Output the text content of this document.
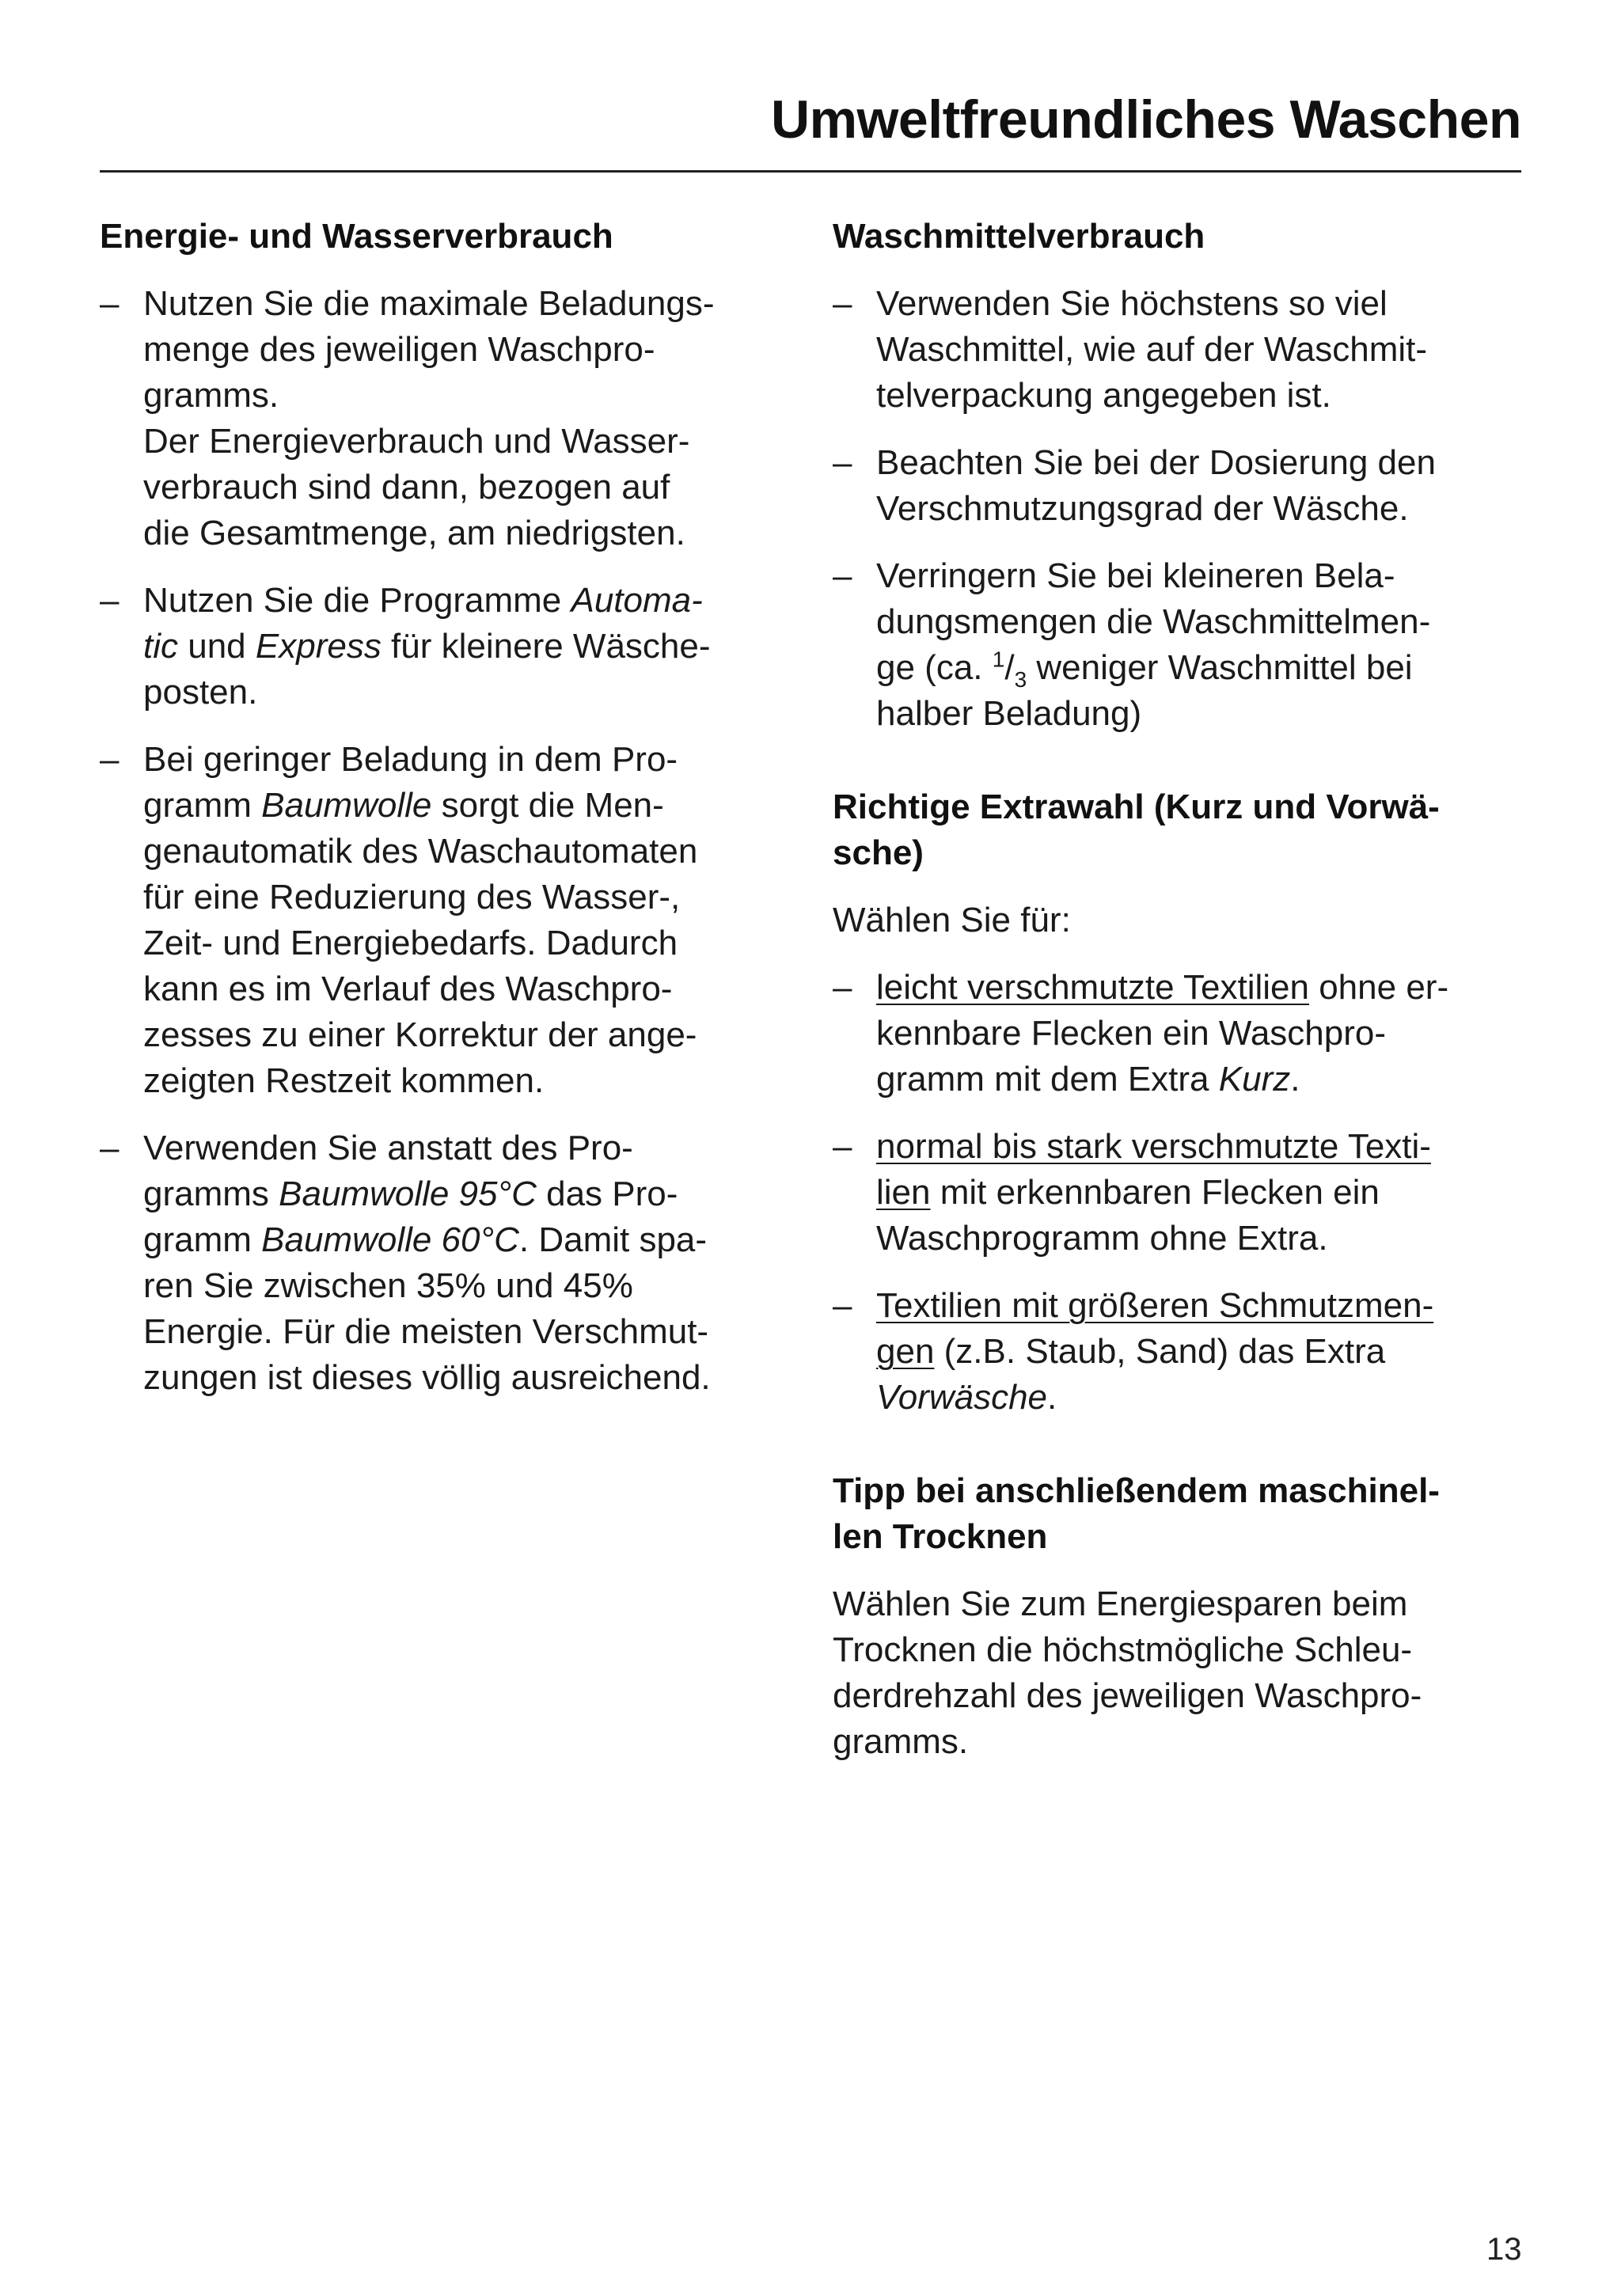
Umweltfreundliches Waschen
Energie- und Wasserverbrauch
– Nutzen Sie die maximale Beladungs-
menge des jeweiligen Waschpro-
gramms.
Der Energieverbrauch und Wasser-
verbrauch sind dann, bezogen auf
die Gesamtmenge, am niedrigsten.
– Nutzen Sie die Programme Automa-
tic und Express für kleinere Wäsche-
posten.
– Bei geringer Beladung in dem Pro-
gramm Baumwolle sorgt die Men-
genautomatik des Waschautomaten
für eine Reduzierung des Wasser-,
Zeit- und Energiebedarfs. Dadurch
kann es im Verlauf des Waschpro-
zesses zu einer Korrektur der ange-
zeigten Restzeit kommen.
– Verwenden Sie anstatt des Pro-
gramms Baumwolle 95°C das Pro-
gramm Baumwolle 60°C. Damit spa-
ren Sie zwischen 35% und 45%
Energie. Für die meisten Verschmut-
zungen ist dieses völlig ausreichend.
Waschmittelverbrauch
– Verwenden Sie höchstens so viel
Waschmittel, wie auf der Waschmit-
telverpackung angegeben ist.
– Beachten Sie bei der Dosierung den
Verschmutzungsgrad der Wäsche.
– Verringern Sie bei kleineren Bela-
dungsmengen die Waschmittelmen-
ge (ca. $^1/_3$ weniger Waschmittel bei
halber Beladung)
Richtige Extrawahl (Kurz und Vorwä-
sche)

Wählen Sie für:

– leicht verschmutzte Textilien ohne er-
kennbare Flecken ein Waschpro-
gramm mit dem Extra Kurz.
– normal bis stark verschmutzte Texti-
lien mit erkennbaren Flecken ein
Waschprogramm ohne Extra.
– Textilien mit größeren Schmutzmen-
gen (z.B. Staub, Sand) das Extra
Vorwäsche.
Tipp bei anschließendem maschinel-
len Trocknen

Wählen Sie zum Energiesparen beim
Trocknen die höchstmögliche Schleu-
derdrehzahl des jeweiligen Waschpro-
gramms.

13
